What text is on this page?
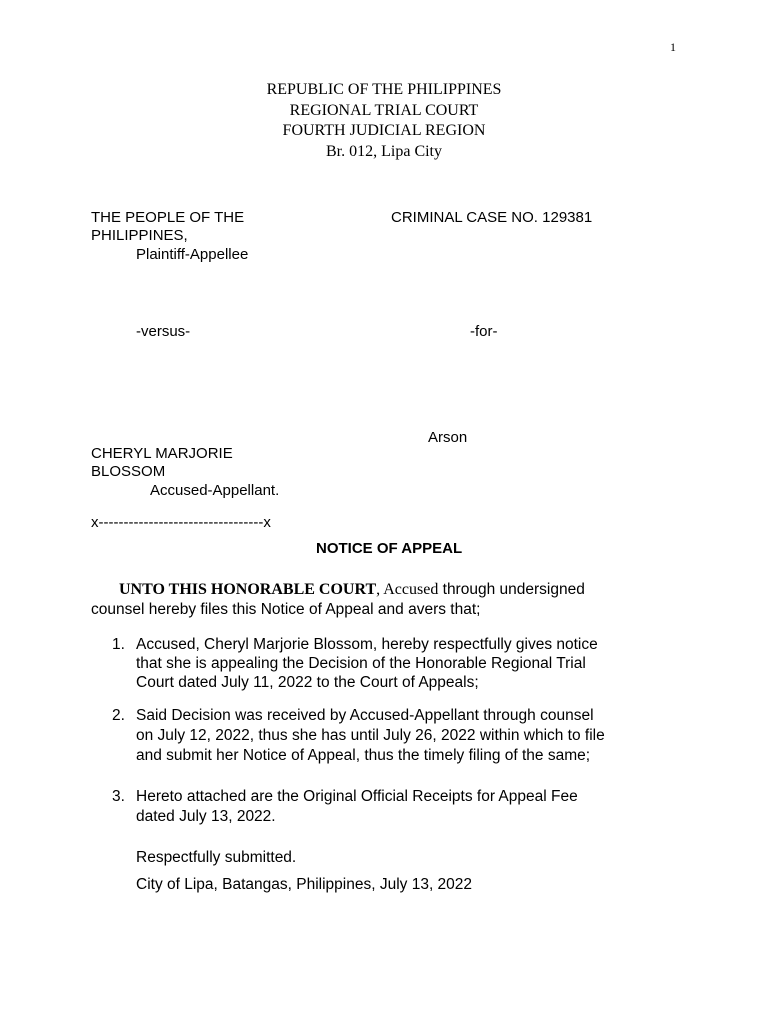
1
REPUBLIC OF THE PHILIPPINES
REGIONAL TRIAL COURT
FOURTH JUDICIAL REGION
Br. 012, Lipa City
THE PEOPLE OF THE
PHILIPPINES,
Plaintiff-Appellee
CRIMINAL CASE NO. 129381
-versus-	-for-
Arson
CHERYL MARJORIE
BLOSSOM
Accused-Appellant.
x---------------------------------x
NOTICE OF APPEAL
UNTO THIS HONORABLE COURT, Accused through undersigned
counsel hereby files this Notice of Appeal and avers that;
1. Accused, Cheryl Marjorie Blossom, hereby respectfully gives notice
that she is appealing the Decision of the Honorable Regional Trial
Court dated July 11, 2022 to the Court of Appeals;
2. Said Decision was received by Accused-Appellant through counsel
on July 12, 2022, thus she has until July 26, 2022 within which to file
and submit her Notice of Appeal, thus the timely filing of the same;
3. Hereto attached are the Original Official Receipts for Appeal Fee
dated July 13, 2022.
Respectfully submitted.
City of Lipa, Batangas, Philippines, July 13, 2022
